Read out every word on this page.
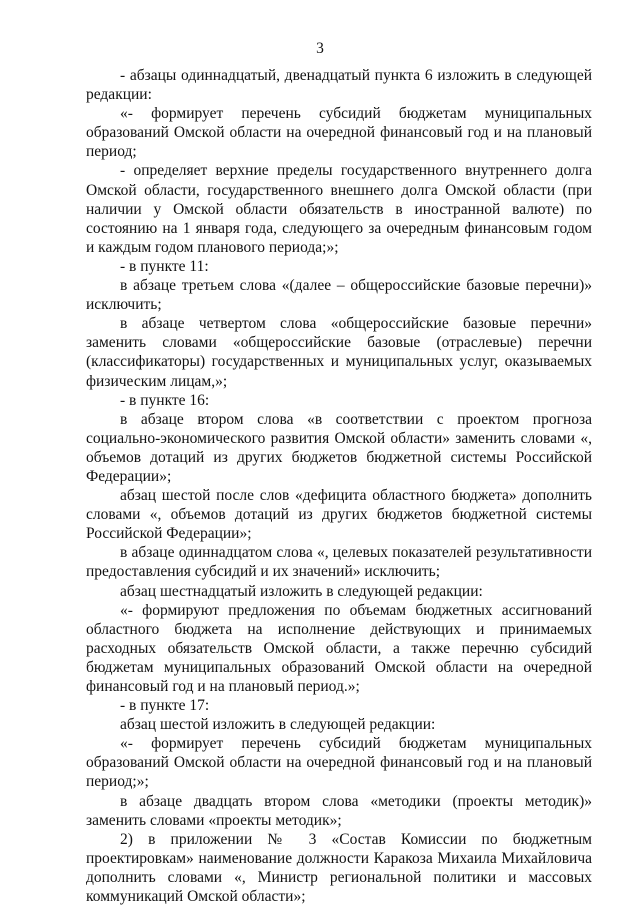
3

- абзацы одиннадцатый, двенадцатый пункта 6 изложить в следующей редакции:

«- формирует перечень субсидий бюджетам муниципальных образований Омской области на очередной финансовый год и на плановый период;

- определяет верхние пределы государственного внутреннего долга Омской области, государственного внешнего долга Омской области (при наличии у Омской области обязательств в иностранной валюте) по состоянию на 1 января года, следующего за очередным финансовым годом и каждым годом планового периода;»;

- в пункте 11:

в абзаце третьем слова «(далее – общероссийские базовые перечни)» исключить;

в абзаце четвертом слова «общероссийские базовые перечни» заменить словами «общероссийские базовые (отраслевые) перечни (классификаторы) государственных и муниципальных услуг, оказываемых физическим лицам,»;

- в пункте 16:

в абзаце втором слова «в соответствии с проектом прогноза социально-экономического развития Омской области» заменить словами «, объемов дотаций из других бюджетов бюджетной системы Российской Федерации»;

абзац шестой после слов «дефицита областного бюджета» дополнить словами «, объемов дотаций из других бюджетов бюджетной системы Российской Федерации»;

в абзаце одиннадцатом слова «, целевых показателей результативности предоставления субсидий и их значений» исключить;

абзац шестнадцатый изложить в следующей редакции:

«- формируют предложения по объемам бюджетных ассигнований областного бюджета на исполнение действующих и принимаемых расходных обязательств Омской области, а также перечню субсидий бюджетам муниципальных образований Омской области на очередной финансовый год и на плановый период.»;

- в пункте 17:

абзац шестой изложить в следующей редакции:

«- формирует перечень субсидий бюджетам муниципальных образований Омской области на очередной финансовый год и на плановый период;»;

в абзаце двадцать втором слова «методики (проекты методик)» заменить словами «проекты методик»;

2) в приложении № 3 «Состав Комиссии по бюджетным проектировкам» наименование должности Каракоза Михаила Михайловича дополнить словами «, Министр региональной политики и массовых коммуникаций Омской области»;
